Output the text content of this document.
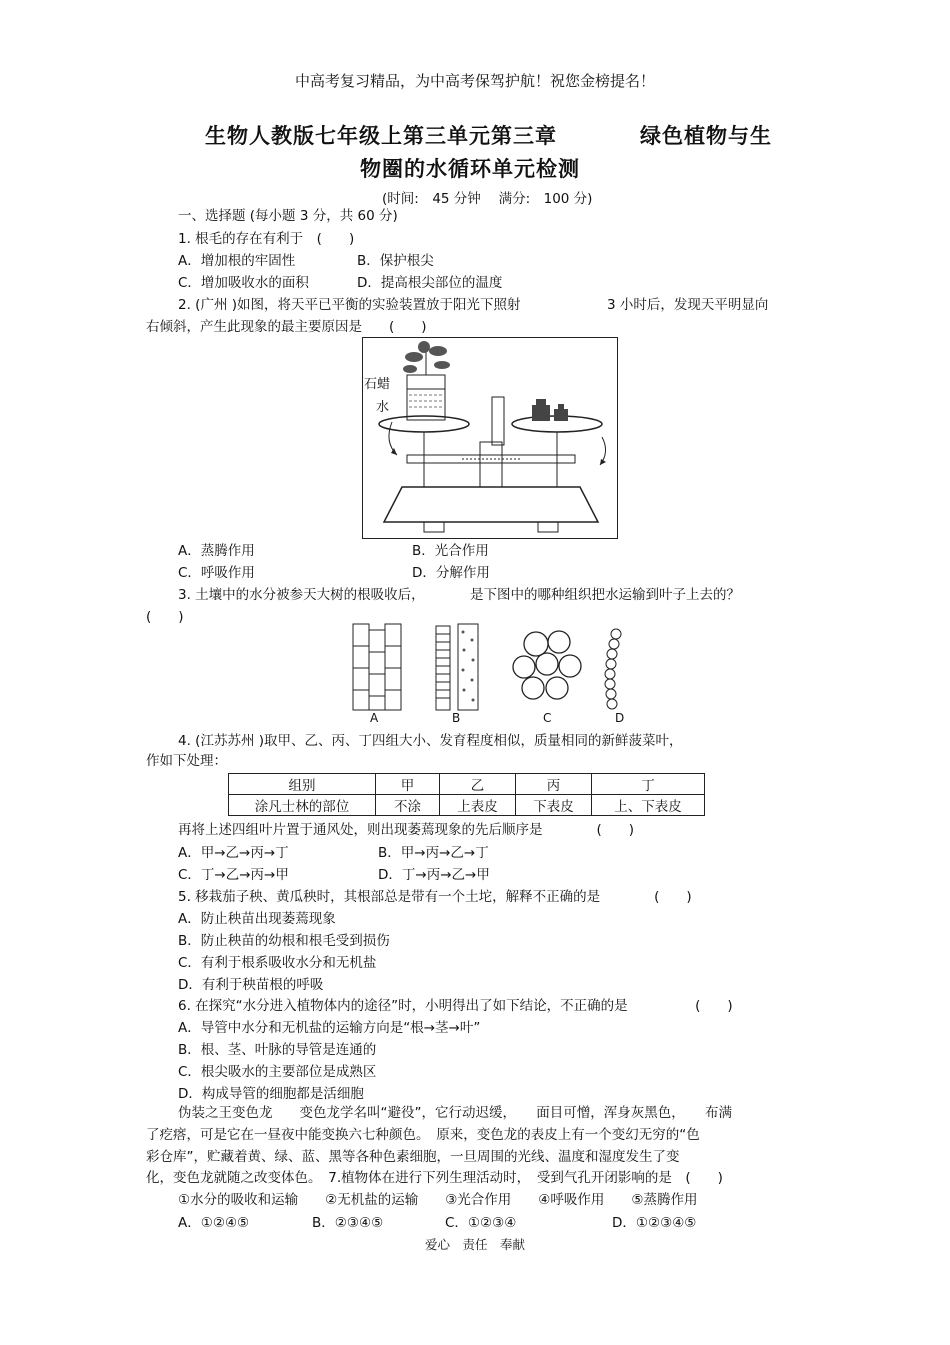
中高考复习精品，为中高考保驾护航！祝您金榜提名！
生物人教版七年级上第三单元第三章	绿色植物与生
物圈的水循环单元检测
(时间:　45 分钟　 满分:　100 分)
一、选择题 (每小题 3 分，共 60 分)
1. 根毛的存在有利于　(　　)
A．增加根的牢固性	B．保护根尖
C．增加吸收水的面积	D．提高根尖部位的温度
2. (广州 )如图，将天平已平衡的实验装置放于阳光下照射	3 小时后，发现天平明显向
右倾斜，产生此现象的最主要原因是　　(　　)
石蜡
水
A．蒸腾作用	B．光合作用
C．呼吸作用	D．分解作用
3. 土壤中的水分被参天大树的根吸收后，	是下图中的哪种组织把水运输到叶子上去的？
(　　)
A	B	C	D
4. (江苏苏州 )取甲、乙、丙、丁四组大小、发育程度相似，质量相同的新鲜菠菜叶，
作如下处理：
组别	甲	乙	丙	丁
涂凡士林的部位	不涂	上表皮	下表皮	上、下表皮
再将上述四组叶片置于通风处，则出现萎蔫现象的先后顺序是　　　　(　　)
A．甲→乙→丙→丁	B．甲→丙→乙→丁
C．丁→乙→丙→甲	D．丁→丙→乙→甲
5. 移栽茄子秧、黄瓜秧时，其根部总是带有一个土坨，解释不正确的是　　　　(　　)
A．防止秧苗出现萎蔫现象
B．防止秧苗的幼根和根毛受到损伤
C．有利于根系吸收水分和无机盐
D．有利于秧苗根的呼吸
6. 在探究“水分进入植物体内的途径”时，小明得出了如下结论，不正确的是　　　　　(　　)
A．导管中水分和无机盐的运输方向是“根→茎→叶”
B．根、茎、叶脉的导管是连通的
C．根尖吸水的主要部位是成熟区
D．构成导管的细胞都是活细胞
伪装之王变色龙　　变色龙学名叫“避役”，它行动迟缓，　　面目可憎，浑身灰黑色，　　布满
了疙瘩，可是它在一昼夜中能变换六七种颜色。　原来，变色龙的表皮上有一个变幻无穷的“色
彩仓库”，贮藏着黄、绿、蓝、黑等各种色素细胞，一旦周围的光线、温度和湿度发生了变
化，变色龙就随之改变体色。　7.植物体在进行下列生理活动时，　受到气孔开闭影响的是　(　　)
①水分的吸收和运输　　②无机盐的运输　　③光合作用　　④呼吸作用　　⑤蒸腾作用
A．①②④⑤	B．②③④⑤	C．①②③④	D．①②③④⑤
爱心　责任　奉献
